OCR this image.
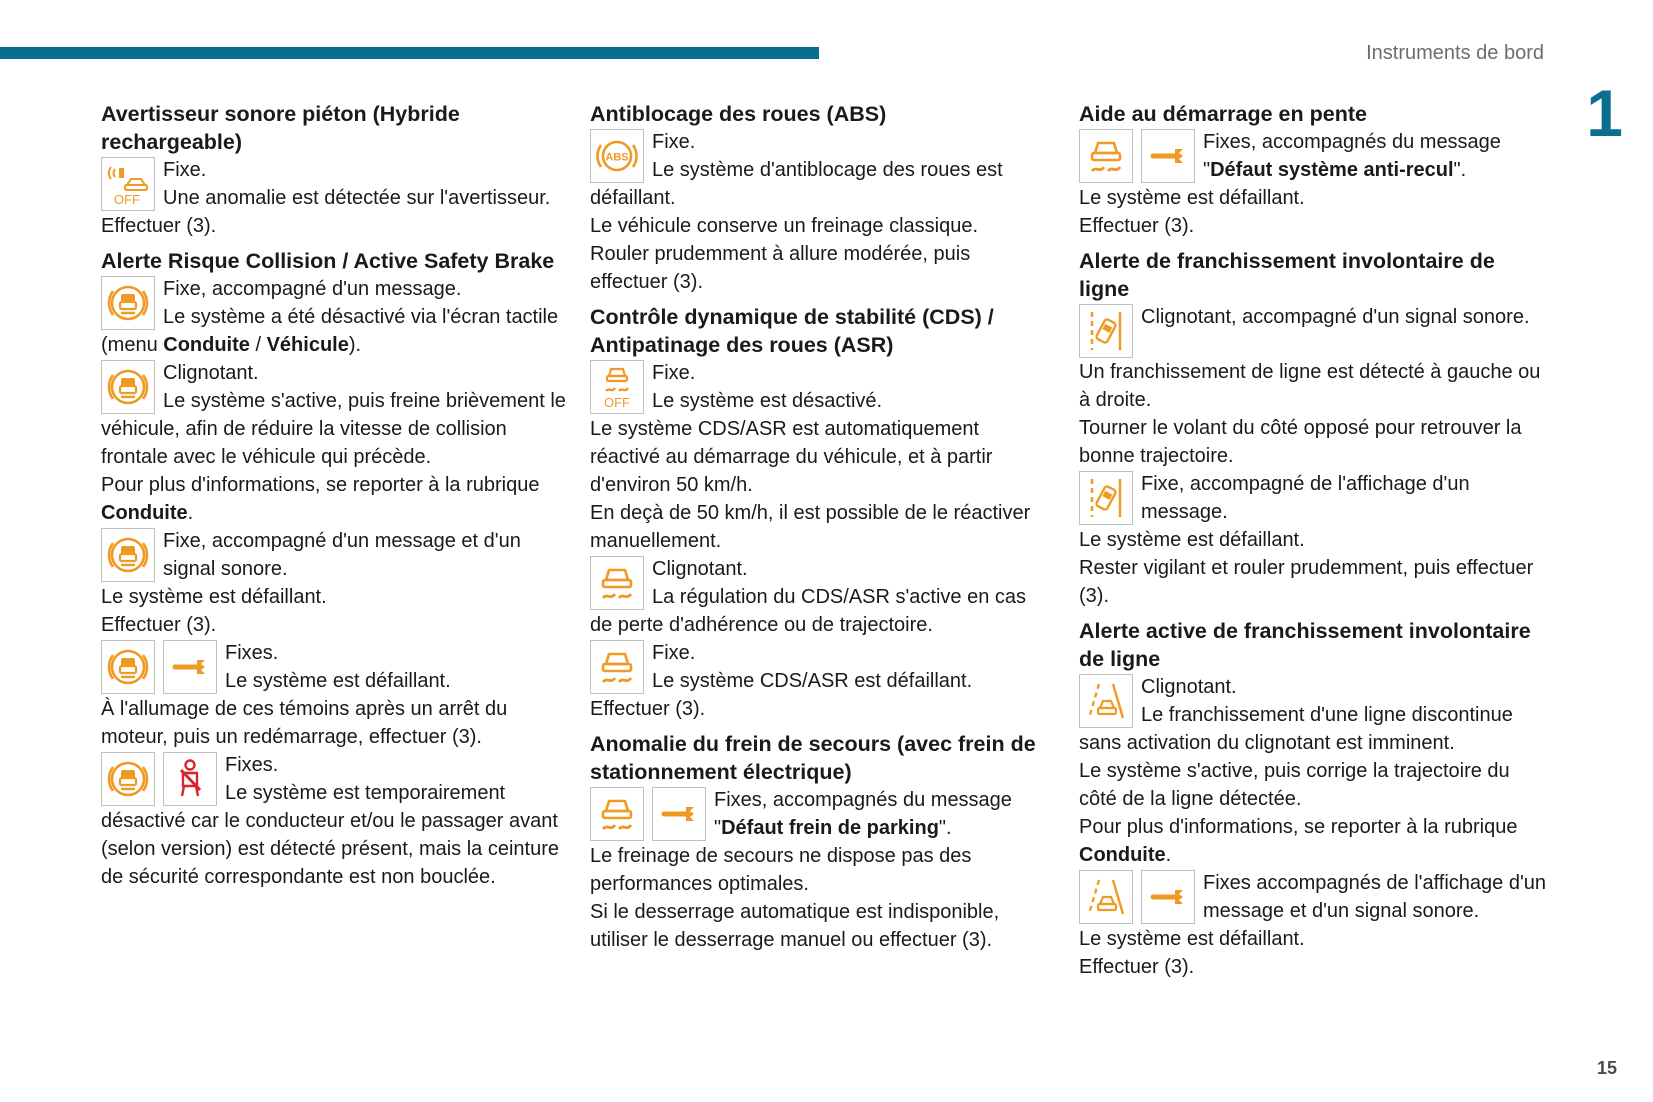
Instruments de bord
1
Avertisseur sonore piéton (Hybride rechargeable)
OFF

Fixe.

Une anomalie est détectée sur l'avertisseur.

Effectuer (3).

Alerte Risque Collision / Active Safety Brake

Fixe, accompagné d'un message.

Le système a été désactivé via l'écran tactile (menu Conduite / Véhicule).

Clignotant.

Le système s'active, puis freine brièvement le véhicule, afin de réduire la vitesse de collision frontale avec le véhicule qui précède.

Pour plus d'informations, se reporter à la rubrique Conduite.

Fixe, accompagné d'un message et d'un signal sonore.

Le système est défaillant.

Effectuer (3).

Fixes.

Le système est défaillant.

À l'allumage de ces témoins après un arrêt du moteur, puis un redémarrage, effectuer (3).

Fixes.

Le système est temporairement désactivé car le conducteur et/ou le passager avant (selon version) est détecté présent, mais la ceinture de sécurité correspondante est non bouclée.

Antiblocage des roues (ABS)
ABS

Fixe.

Le système d'antiblocage des roues est défaillant.

Le véhicule conserve un freinage classique.

Rouler prudemment à allure modérée, puis effectuer (3).

Contrôle dynamique de stabilité (CDS) / Antipatinage des roues (ASR)
OFF

Fixe.

Le système est désactivé.

Le système CDS/ASR est automatiquement réactivé au démarrage du véhicule, et à partir d'environ 50 km/h.

En deçà de 50 km/h, il est possible de le réactiver manuellement.

Clignotant.

La régulation du CDS/ASR s'active en cas de perte d'adhérence ou de trajectoire.

Fixe.

Le système CDS/ASR est défaillant.

Effectuer (3).

Anomalie du frein de secours (avec frein de stationnement électrique)

Fixes, accompagnés du message "Défaut frein de parking".

Le freinage de secours ne dispose pas des performances optimales.

Si le desserrage automatique est indisponible, utiliser le desserrage manuel ou effectuer (3).

Aide au démarrage en pente

Fixes, accompagnés du message "Défaut système anti-recul".

Le système est défaillant.

Effectuer (3).

Alerte de franchissement involontaire de ligne

Clignotant, accompagné d'un signal sonore.

Un franchissement de ligne est détecté à gauche ou à droite.

Tourner le volant du côté opposé pour retrouver la bonne trajectoire.

Fixe, accompagné de l'affichage d'un message.

Le système est défaillant.

Rester vigilant et rouler prudemment, puis effectuer (3).

Alerte active de franchissement involontaire de ligne

Clignotant.

Le franchissement d'une ligne discontinue sans activation du clignotant est imminent.

Le système s'active, puis corrige la trajectoire du côté de la ligne détectée.

Pour plus d'informations, se reporter à la rubrique Conduite.

Fixes accompagnés de l'affichage d'un message et d'un signal sonore.

Le système est défaillant.

Effectuer (3).

15
